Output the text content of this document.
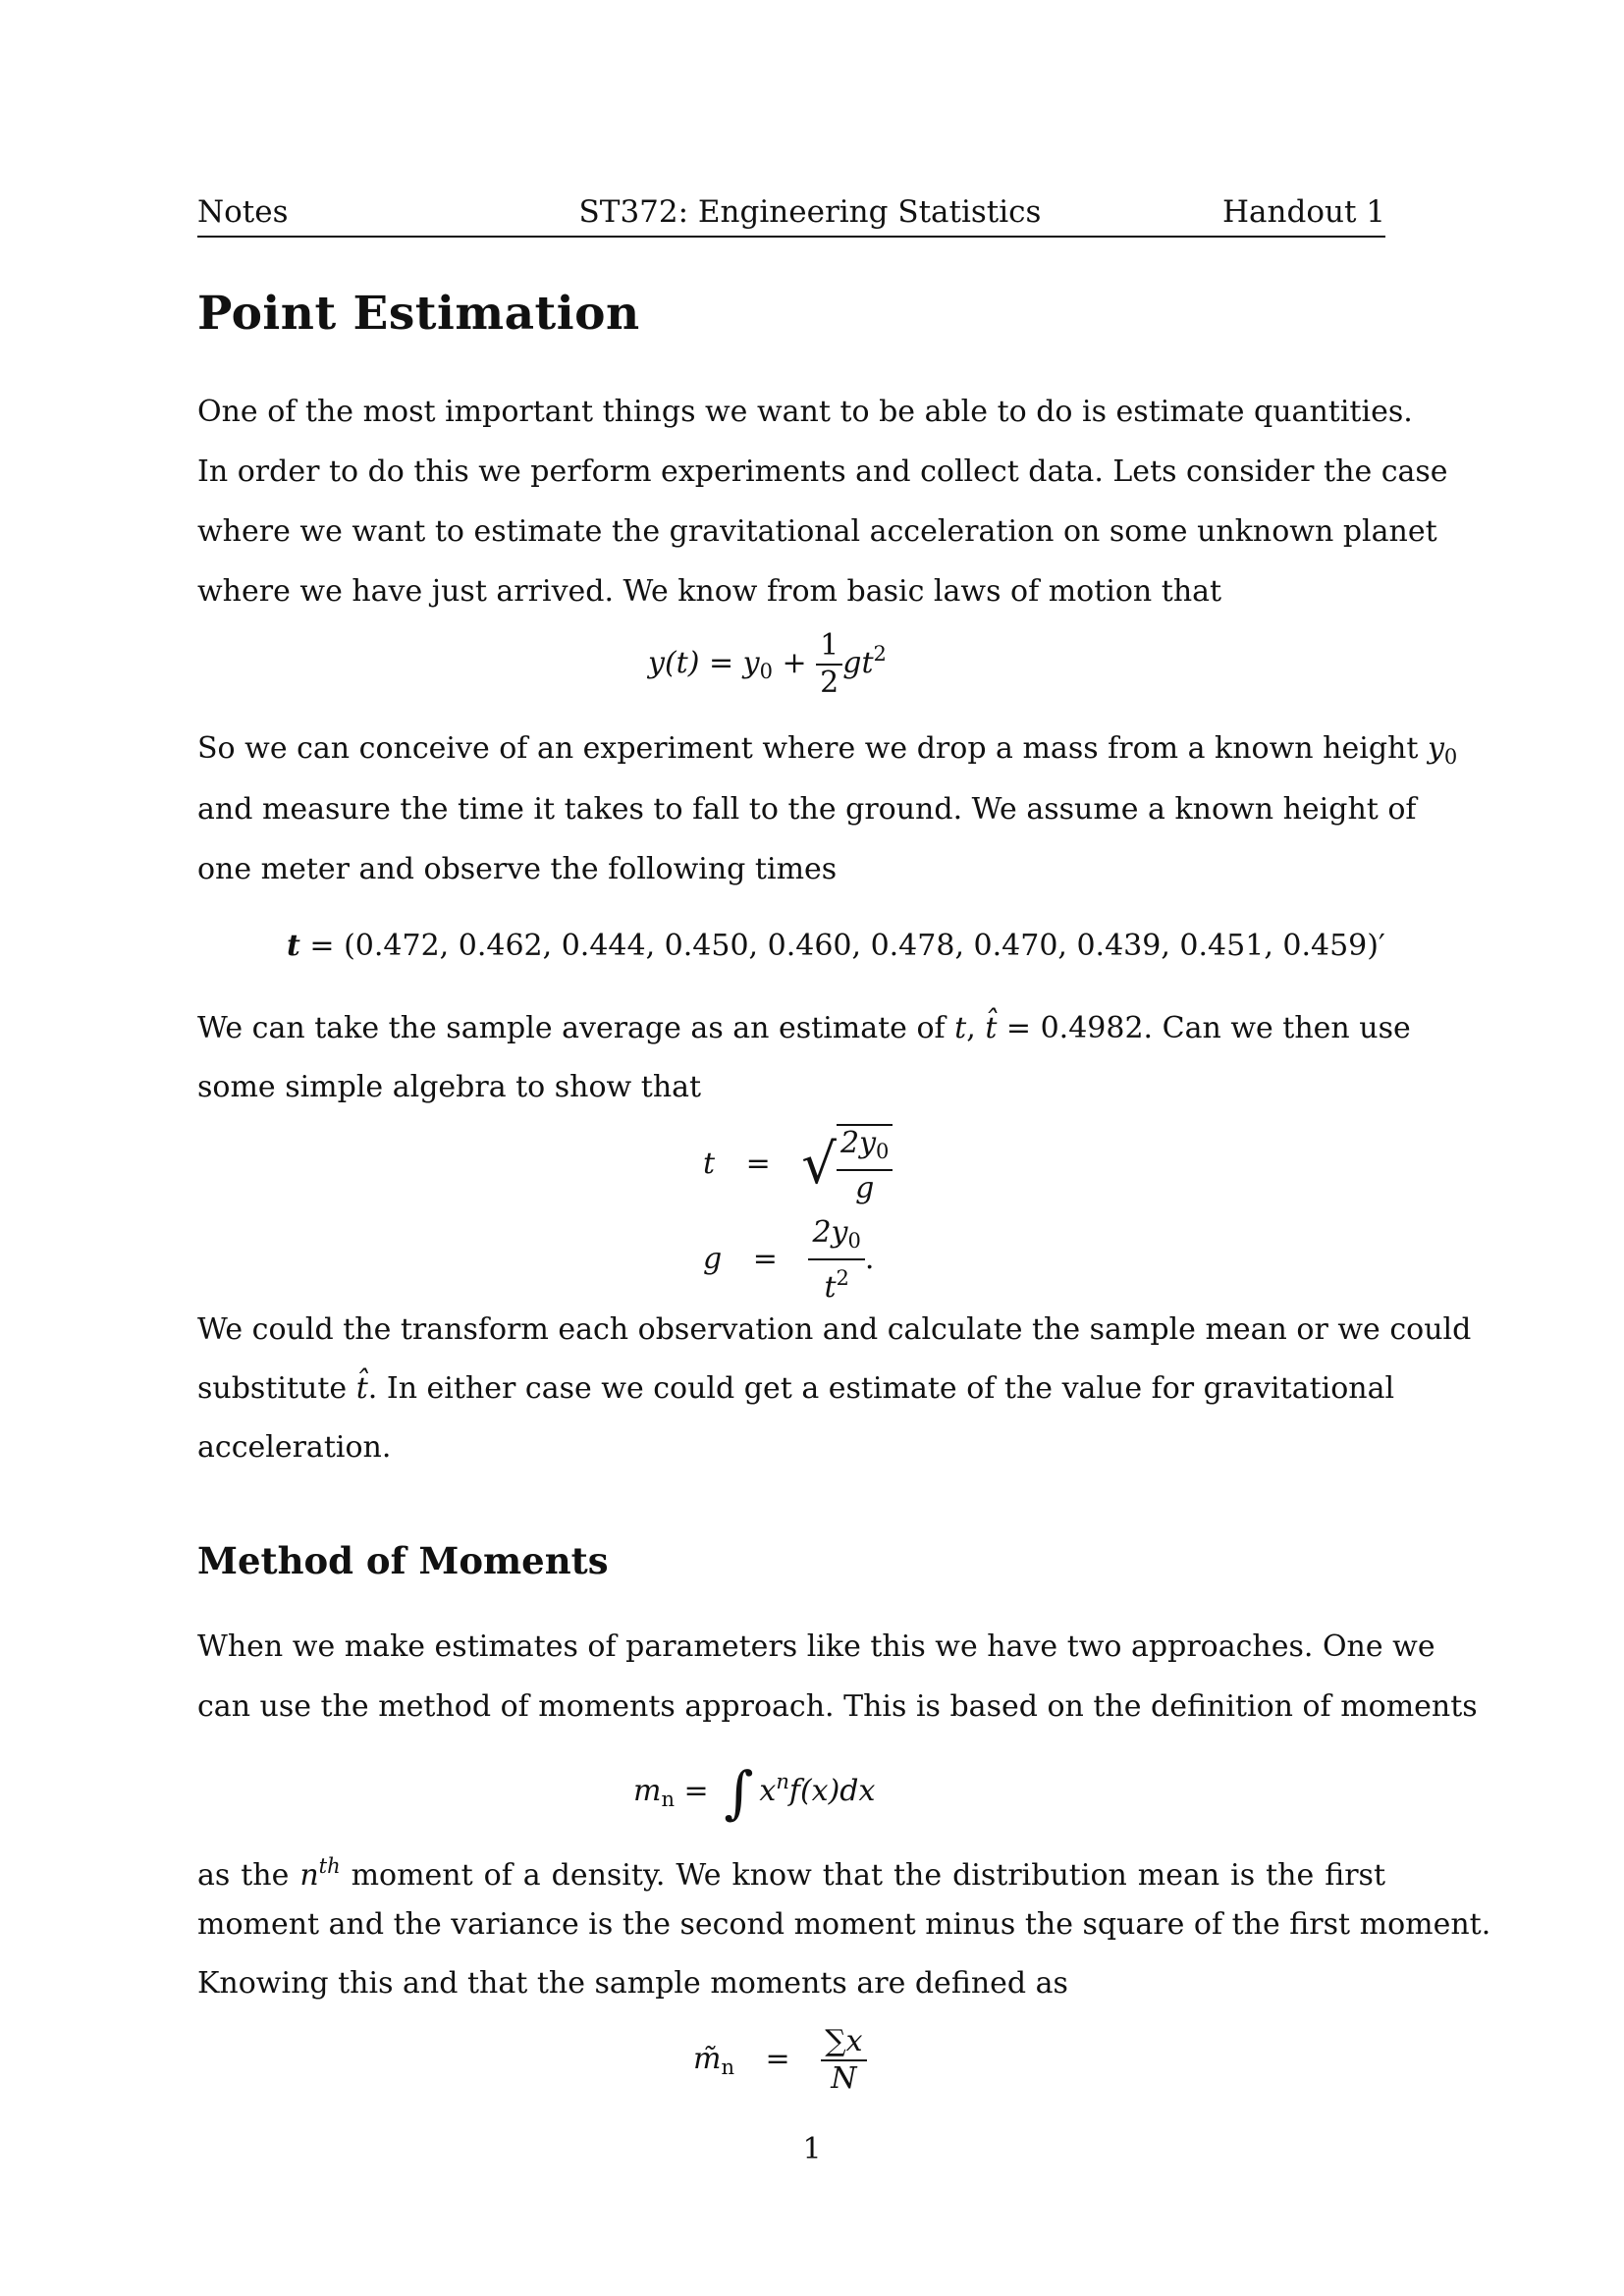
Notes	ST372: Engineering Statistics	Handout 1
Point Estimation
One of the most important things we want to be able to do is estimate quantities.
In order to do this we perform experiments and collect data. Lets consider the case
where we want to estimate the gravitational acceleration on some unknown planet
where we have just arrived. We know from basic laws of motion that
$y(t) = y_0 + \frac{1}{2} gt^2$
So we can conceive of an experiment where we drop a mass from a known height $y_0$
and measure the time it takes to fall to the ground. We assume a known height of
one meter and observe the following times
t = (0.472, 0.462, 0.444, 0.450, 0.460, 0.478, 0.470, 0.439, 0.451, 0.459)′
We can take the sample average as an estimate of t, t̂ = 0.4982. Can we then use
some simple algebra to show that
t = √ $\frac{2y_0}{g}$
$g = \frac{2y_0}{t^2}$ .
We could the transform each observation and calculate the sample mean or we could
substitute t̂. In either case we could get a estimate of the value for gravitational
acceleration.
Method of Moments
When we make estimates of parameters like this we have two approaches. One we
can use the method of moments approach. This is based on the definition of moments
$m_n$ = ∫ $x^nf(x)dx$
as the $n^{th}$ moment of a density. We know that the distribution mean is the first
moment and the variance is the second moment minus the square of the first moment.
Knowing this and that the sample moments are defined as
$m̃_n = \frac{\sum x}{N}$
1
